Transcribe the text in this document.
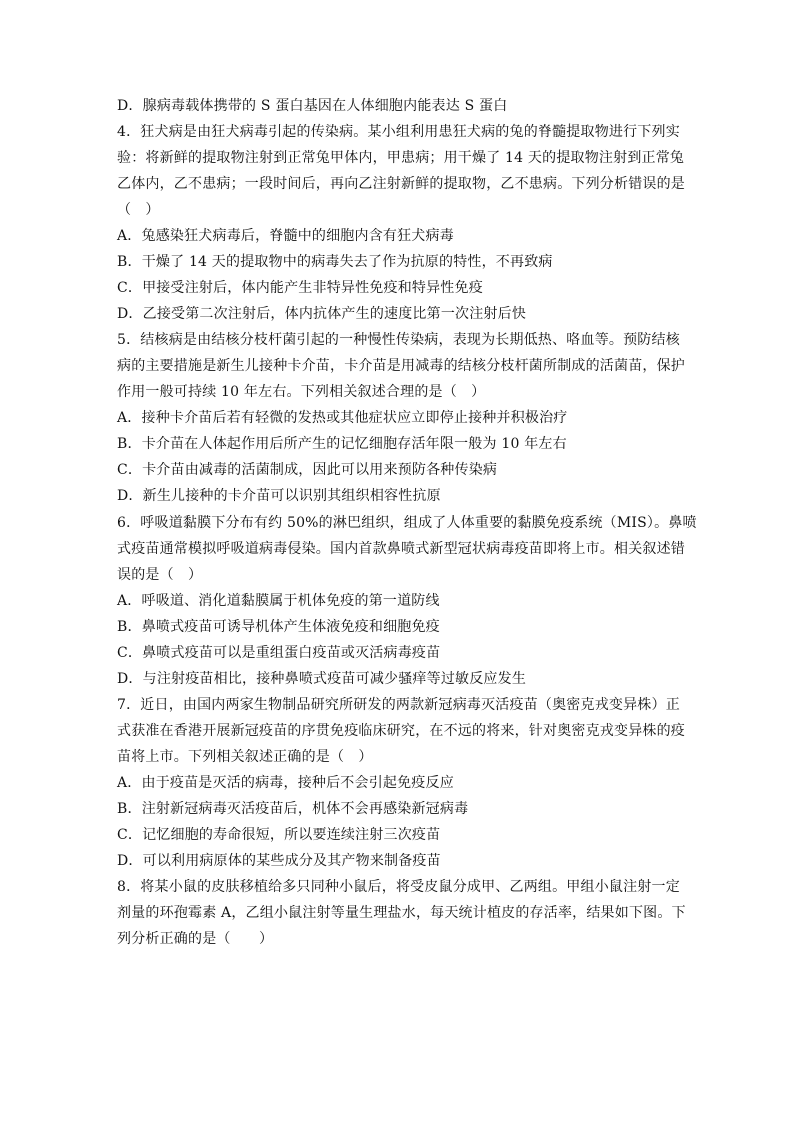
D．腺病毒载体携带的 S 蛋白基因在人体细胞内能表达 S 蛋白
4．狂犬病是由狂犬病毒引起的传染病。某小组利用患狂犬病的兔的脊髓提取物进行下列实
验：将新鲜的提取物注射到正常兔甲体内，甲患病；用干燥了 14 天的提取物注射到正常兔
乙体内，乙不患病；一段时间后，再向乙注射新鲜的提取物，乙不患病。下列分析错误的是
（　）
A．兔感染狂犬病毒后，脊髓中的细胞内含有狂犬病毒
B．干燥了 14 天的提取物中的病毒失去了作为抗原的特性，不再致病
C．甲接受注射后，体内能产生非特异性免疫和特异性免疫
D．乙接受第二次注射后，体内抗体产生的速度比第一次注射后快
5．结核病是由结核分枝杆菌引起的一种慢性传染病，表现为长期低热、咯血等。预防结核
病的主要措施是新生儿接种卡介苗，卡介苗是用减毒的结核分枝杆菌所制成的活菌苗，保护
作用一般可持续 10 年左右。下列相关叙述合理的是（　）
A．接种卡介苗后若有轻微的发热或其他症状应立即停止接种并积极治疗
B．卡介苗在人体起作用后所产生的记忆细胞存活年限一般为 10 年左右
C．卡介苗由减毒的活菌制成，因此可以用来预防各种传染病
D．新生儿接种的卡介苗可以识别其组织相容性抗原
6．呼吸道黏膜下分布有约 50%的淋巴组织，组成了人体重要的黏膜免疫系统（MIS）。鼻喷
式疫苗通常模拟呼吸道病毒侵染。国内首款鼻喷式新型冠状病毒疫苗即将上市。相关叙述错
误的是（　）
A．呼吸道、消化道黏膜属于机体免疫的第一道防线
B．鼻喷式疫苗可诱导机体产生体液免疫和细胞免疫
C．鼻喷式疫苗可以是重组蛋白疫苗或灭活病毒疫苗
D．与注射疫苗相比，接种鼻喷式疫苗可减少骚痒等过敏反应发生
7．近日，由国内两家生物制品研究所研发的两款新冠病毒灭活疫苗（奥密克戎变异株）正
式获准在香港开展新冠疫苗的序贯免疫临床研究，在不远的将来，针对奥密克戎变异株的疫
苗将上市。下列相关叙述正确的是（　）
A．由于疫苗是灭活的病毒，接种后不会引起免疫反应
B．注射新冠病毒灭活疫苗后，机体不会再感染新冠病毒
C．记忆细胞的寿命很短，所以要连续注射三次疫苗
D．可以利用病原体的某些成分及其产物来制备疫苗
8．将某小鼠的皮肤移植给多只同种小鼠后，将受皮鼠分成甲、乙两组。甲组小鼠注射一定
剂量的环孢霉素 A，乙组小鼠注射等量生理盐水，每天统计植皮的存活率，结果如下图。下
列分析正确的是（　　）
